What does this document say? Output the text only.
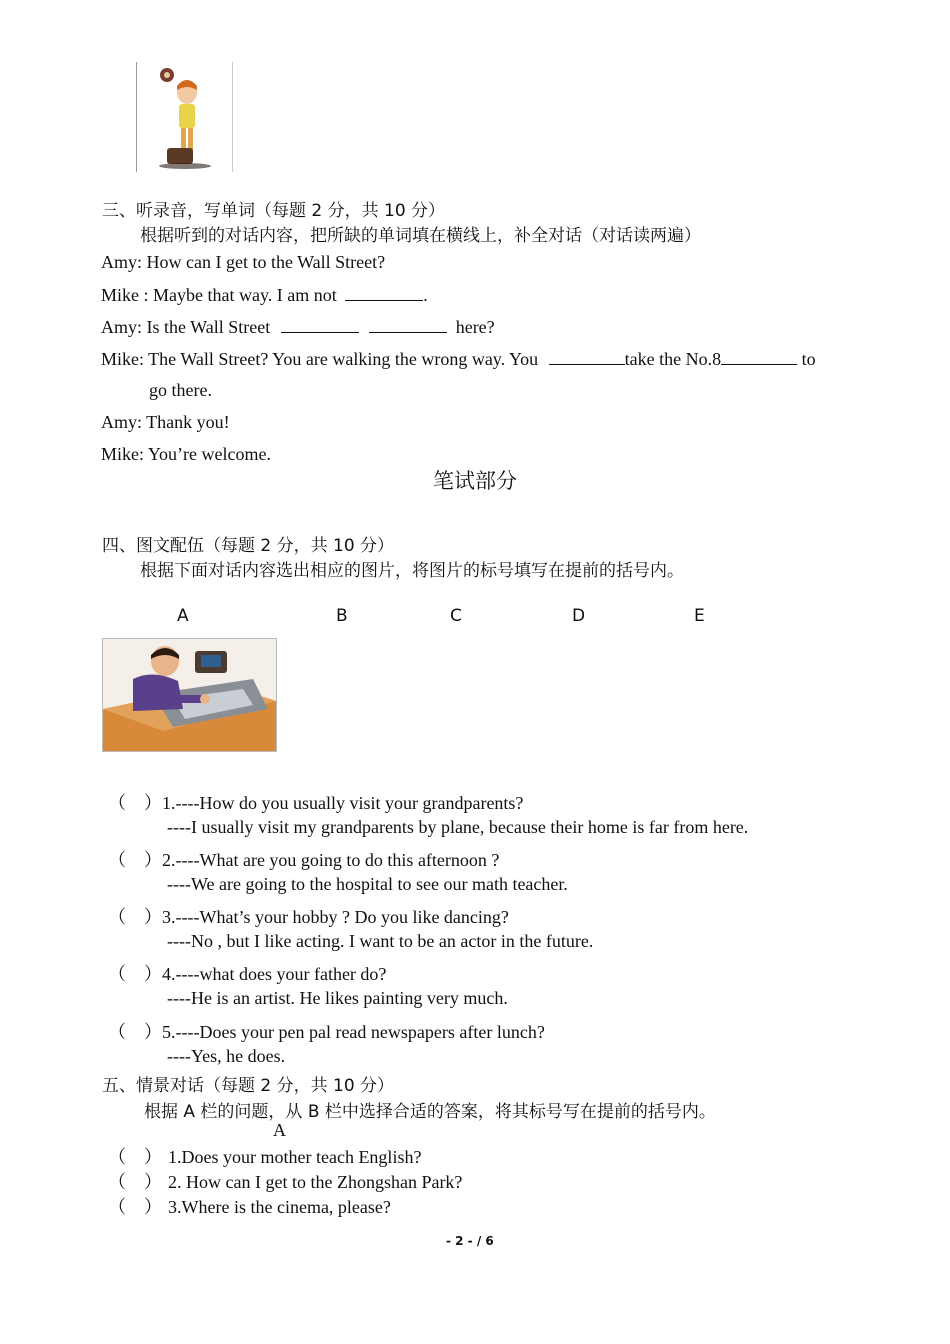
三、听录音，写单词（每题 2 分，共 10 分）
根据听到的对话内容，把所缺的单词填在横线上，补全对话（对话读两遍）
Amy: How can I get to the Wall Street?
Mike : Maybe that way. I am not	.
Amy: Is the Wall Street	here?
Mike: The Wall Street? You are walking the wrong way. You	take the No.8	to
go there.
Amy: Thank you!
Mike: You’re welcome.
笔试部分
四、图文配伍（每题 2 分，共 10 分）
根据下面对话内容选出相应的图片，将图片的标号填写在提前的括号内。
A	B	C	D	E
（　）1.----How do you usually visit your grandparents?
----I usually visit my grandparents by plane, because their home is far from here.
（　）2.----What are you going to do this afternoon ?
----We are going to the hospital to see our math teacher.
（　）3.----What’s your hobby ? Do you like dancing?
----No , but I like acting. I want to be an actor in the future.
（　）4.----what does your father do?
----He is an artist. He likes painting very much.
（　）5.----Does your pen pal read newspapers after lunch?
----Yes, he does.
五、情景对话（每题 2 分，共 10 分）
根据 A 栏的问题，从 B 栏中选择合适的答案，将其标号写在提前的括号内。
A
（　） 1.Does your mother teach English?
（　） 2. How can I get to the Zhongshan Park?
（　） 3.Where is the cinema, please?
- 2 - / 6
